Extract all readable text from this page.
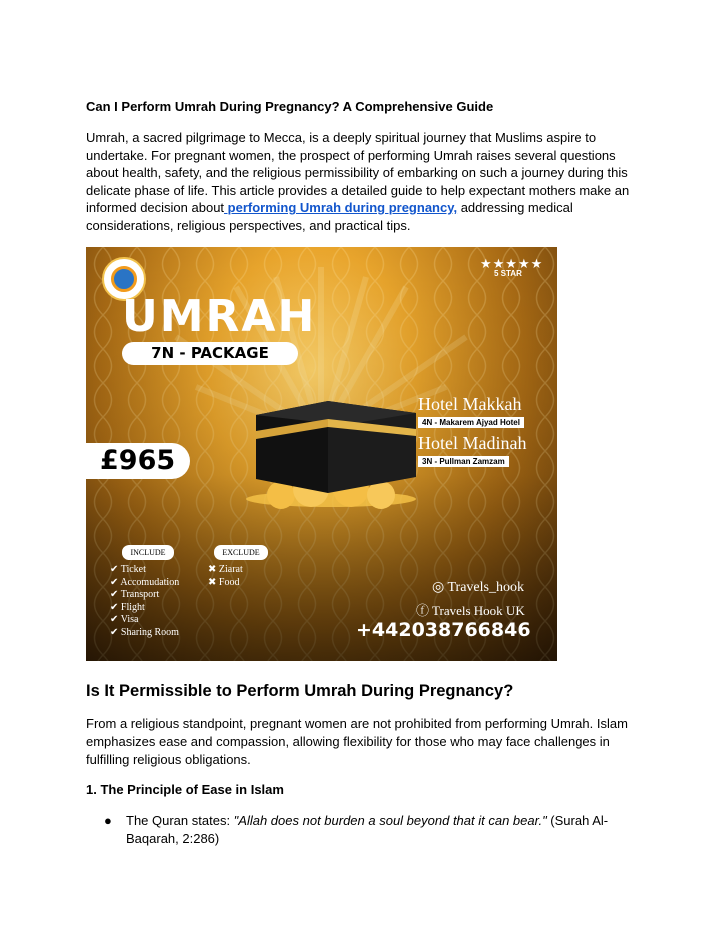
Can I Perform Umrah During Pregnancy? A Comprehensive Guide

Umrah, a sacred pilgrimage to Mecca, is a deeply spiritual journey that Muslims aspire to undertake. For pregnant women, the prospect of performing Umrah raises several questions about health, safety, and the religious permissibility of embarking on such a journey during this delicate phase of life. This article provides a detailed guide to help expectant mothers make an informed decision about performing Umrah during pregnancy, addressing medical considerations, religious perspectives, and practical tips.

★★★★★
5 STAR
UMRAH
7N - PACKAGE
Hotel Makkah
4N - Makarem Ajyad Hotel
Hotel Madinah
3N - Pullman Zamzam
£965
INCLUDE	EXCLUDE
✔ Ticket
✔ Accomudation
✔ Transport
✔ Flight
✔ Visa
✔ Sharing Room
✖ Ziarat
✖ Food	◎ Travels_hook
ⓕ Travels Hook UK
+442038766846
Is It Permissible to Perform Umrah During Pregnancy?

From a religious standpoint, pregnant women are not prohibited from performing Umrah. Islam emphasizes ease and compassion, allowing flexibility for those who may face challenges in fulfilling religious obligations.

1. The Principle of Ease in Islam
● The Quran states: "Allah does not burden a soul beyond that it can bear." (Surah Al-Baqarah, 2:286)
